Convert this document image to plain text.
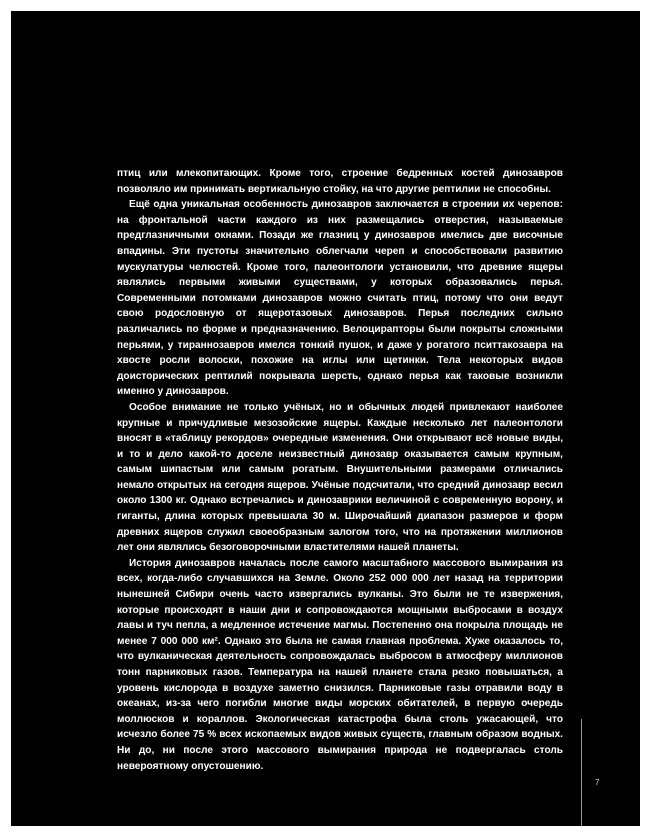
птиц или млекопитающих. Кроме того, строение бедренных костей динозавров позволяло им принимать вертикальную стойку, на что другие рептилии не способны.

Ещё одна уникальная особенность динозавров заключается в строении их черепов: на фронтальной части каждого из них размещались отверстия, называемые предглазничными окнами. Позади же глазниц у динозавров имелись две височные впадины. Эти пустоты значительно облегчали череп и способствовали развитию мускулатуры челюстей. Кроме того, палеонтологи установили, что древние ящеры являлись первыми живыми существами, у которых образовались перья. Современными потомками динозавров можно считать птиц, потому что они ведут свою родословную от ящеротазовых динозавров. Перья последних сильно различались по форме и предназначению. Велоцирапторы были покрыты сложными перьями, у тираннозавров имелся тонкий пушок, и даже у рогатого пситтакозавра на хвосте росли волоски, похожие на иглы или щетинки. Тела некоторых видов доисторических рептилий покрывала шерсть, однако перья как таковые возникли именно у динозавров.

Особое внимание не только учёных, но и обычных людей привлекают наиболее крупные и причудливые мезозойские ящеры. Каждые несколько лет палеонтологи вносят в «таблицу рекордов» очередные изменения. Они открывают всё новые виды, и то и дело какой-то доселе неизвестный динозавр оказывается самым крупным, самым шипастым или самым рогатым. Внушительными размерами отличались немало открытых на сегодня ящеров. Учёные подсчитали, что средний динозавр весил около 1300 кг. Однако встречались и динозаврики величиной с современную ворону, и гиганты, длина которых превышала 30 м. Широчайший диапазон размеров и форм древних ящеров служил своеобразным залогом того, что на протяжении миллионов лет они являлись безоговорочными властителями нашей планеты.

История динозавров началась после самого масштабного массового вымирания из всех, когда-либо случавшихся на Земле. Около 252 000 000 лет назад на территории нынешней Сибири очень часто извергались вулканы. Это были не те извержения, которые происходят в наши дни и сопровождаются мощными выбросами в воздух лавы и туч пепла, а медленное истечение магмы. Постепенно она покрыла площадь не менее 7 000 000 км². Однако это была не самая главная проблема. Хуже оказалось то, что вулканическая деятельность сопровождалась выбросом в атмосферу миллионов тонн парниковых газов. Температура на нашей планете стала резко повышаться, а уровень кислорода в воздухе заметно снизился. Парниковые газы отравили воду в океанах, из-за чего погибли многие виды морских обитателей, в первую очередь моллюсков и кораллов. Экологическая катастрофа была столь ужасающей, что исчезло более 75 % всех ископаемых видов живых существ, главным образом водных. Ни до, ни после этого массового вымирания природа не подвергалась столь невероятному опустошению.

7
